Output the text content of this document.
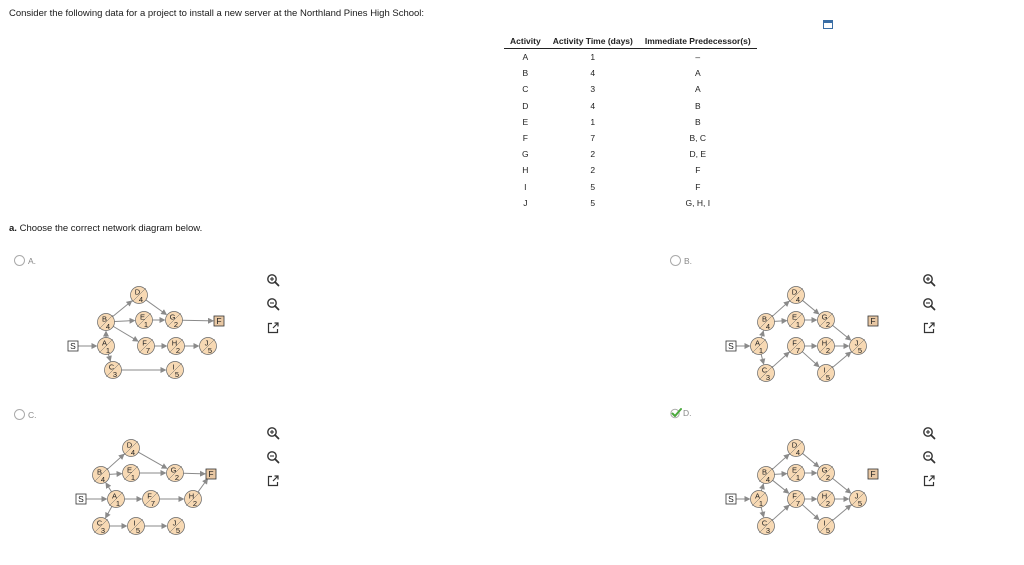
Consider the following data for a project to install a new server at the Northland Pines High School:
Activity	Activity Time (days)	Immediate Predecessor(s)
A	1	–
B	4	A
C	3	A
D	4	B
E	1	B
F	7	B, C
G	2	D, E
H	2	F
I	5	F
J	5	G, H, I
a. Choose the correct network diagram below.
A.	B.
C.	D.
S	A
1
B
4
C
3
D
4
E
1
F
7
G
2
H
2
I
5
J
5
F
S	A
1
B
4
C
3
D
4
E
1
F
7
G
2
H
2
I
5
J
5
F
S	A
1
B
4
C
3
D
4
E
1
F
7
G
2
H
2
I
5
J
5
F
S	A
1
B
4
C
3
D
4
E
1
F
7
G
2
H
2
I
5
J
5
F
